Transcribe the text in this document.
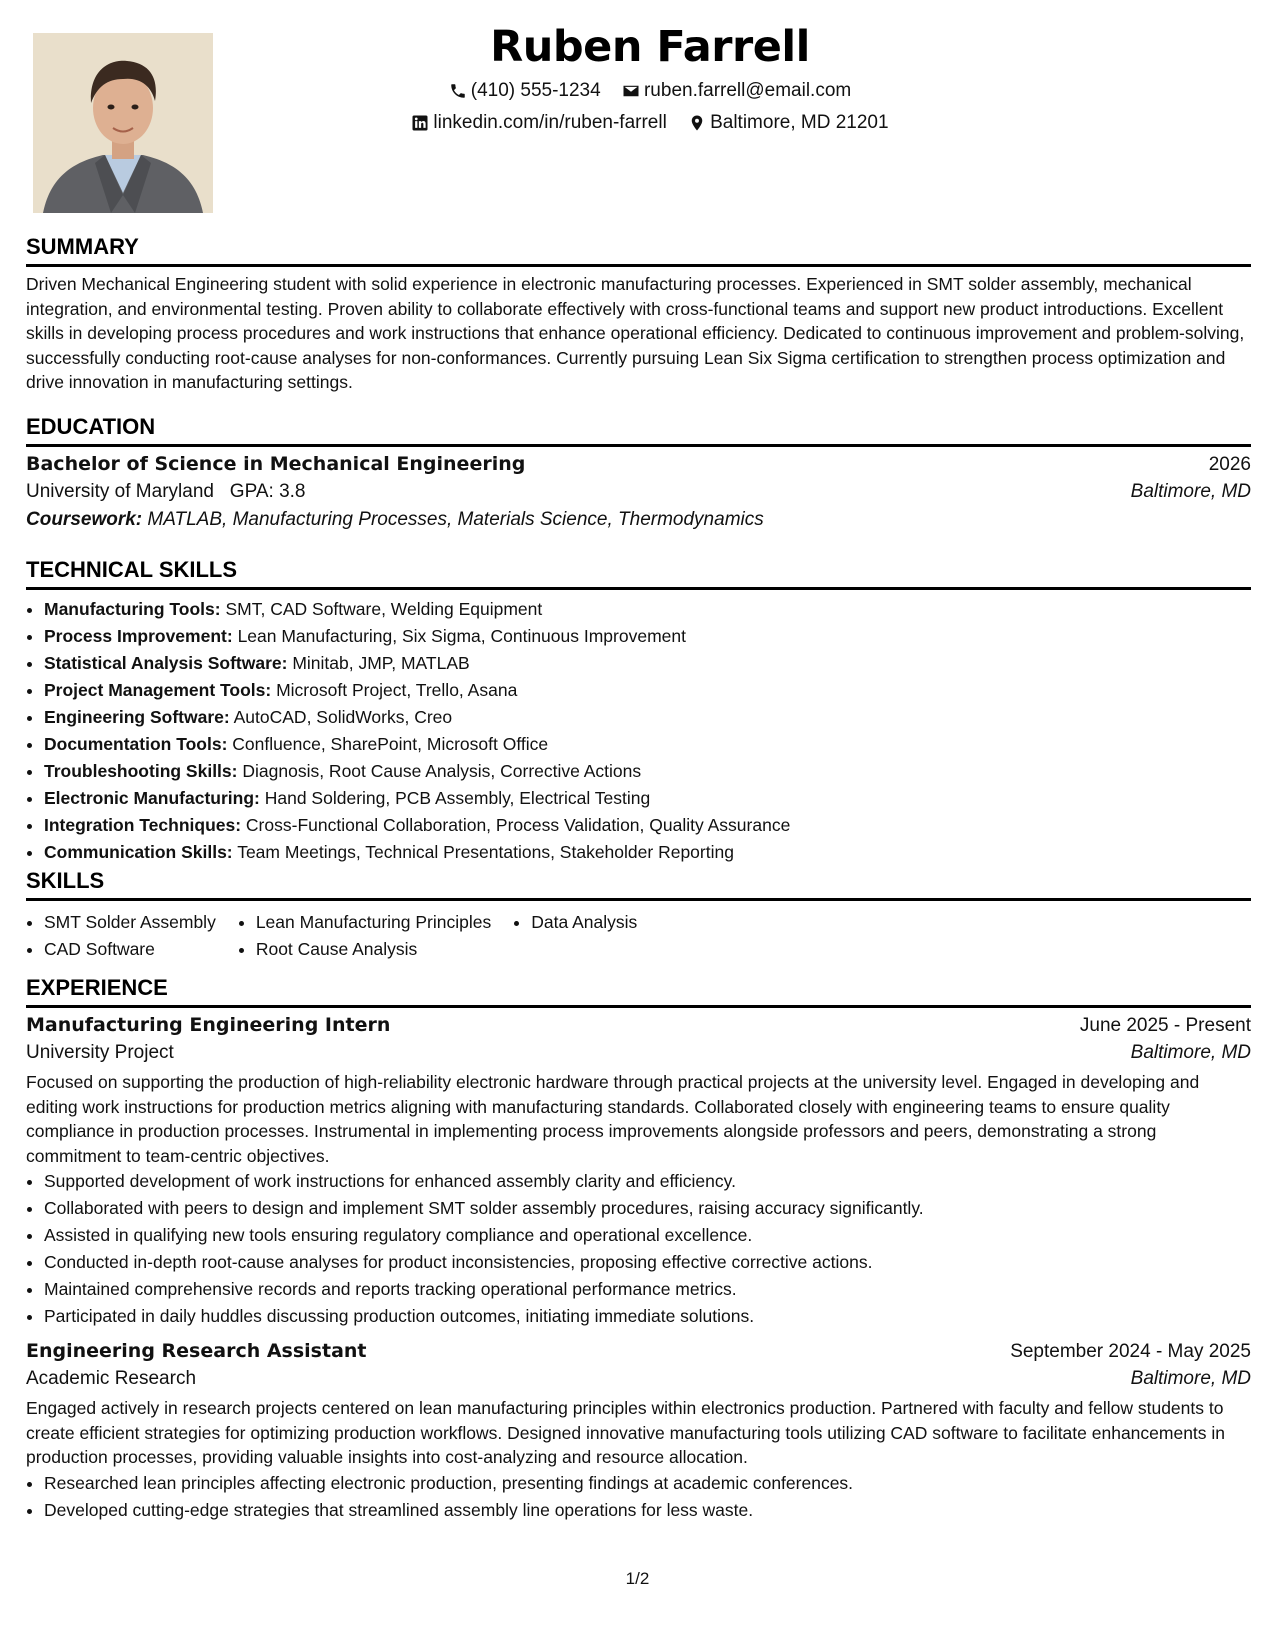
Ruben Farrell
(410) 555-1234
ruben.farrell@email.com
linkedin.com/in/ruben-farrell
Baltimore, MD 21201
SUMMARY

Driven Mechanical Engineering student with solid experience in electronic manufacturing processes. Experienced in SMT solder assembly, mechanical integration, and environmental testing. Proven ability to collaborate effectively with cross-functional teams and support new product introductions. Excellent skills in developing process procedures and work instructions that enhance operational efficiency. Dedicated to continuous improvement and problem-solving, successfully conducting root-cause analyses for non-conformances. Currently pursuing Lean Six Sigma certification to strengthen process optimization and drive innovation in manufacturing settings.

EDUCATION
Bachelor of Science in Mechanical Engineering	2026
University of Maryland GPA: 3.8	Baltimore, MD
Coursework: MATLAB, Manufacturing Processes, Materials Science, Thermodynamics
TECHNICAL SKILLS
• Manufacturing Tools: SMT, CAD Software, Welding Equipment
• Process Improvement: Lean Manufacturing, Six Sigma, Continuous Improvement
• Statistical Analysis Software: Minitab, JMP, MATLAB
• Project Management Tools: Microsoft Project, Trello, Asana
• Engineering Software: AutoCAD, SolidWorks, Creo
• Documentation Tools: Confluence, SharePoint, Microsoft Office
• Troubleshooting Skills: Diagnosis, Root Cause Analysis, Corrective Actions
• Electronic Manufacturing: Hand Soldering, PCB Assembly, Electrical Testing
• Integration Techniques: Cross-Functional Collaboration, Process Validation, Quality Assurance
• Communication Skills: Team Meetings, Technical Presentations, Stakeholder Reporting
SKILLS
• SMT Solder Assembly
• CAD Software
• Lean Manufacturing Principles
• Root Cause Analysis
• Data Analysis
EXPERIENCE
Manufacturing Engineering Intern	June 2025 - Present
University Project	Baltimore, MD

Focused on supporting the production of high-reliability electronic hardware through practical projects at the university level. Engaged in developing and editing work instructions for production metrics aligning with manufacturing standards. Collaborated closely with engineering teams to ensure quality compliance in production processes. Instrumental in implementing process improvements alongside professors and peers, demonstrating a strong commitment to team-centric objectives.

• Supported development of work instructions for enhanced assembly clarity and efficiency.
• Collaborated with peers to design and implement SMT solder assembly procedures, raising accuracy significantly.
• Assisted in qualifying new tools ensuring regulatory compliance and operational excellence.
• Conducted in-depth root-cause analyses for product inconsistencies, proposing effective corrective actions.
• Maintained comprehensive records and reports tracking operational performance metrics.
• Participated in daily huddles discussing production outcomes, initiating immediate solutions.
Engineering Research Assistant	September 2024 - May 2025
Academic Research	Baltimore, MD

Engaged actively in research projects centered on lean manufacturing principles within electronics production. Partnered with faculty and fellow students to create efficient strategies for optimizing production workflows. Designed innovative manufacturing tools utilizing CAD software to facilitate enhancements in production processes, providing valuable insights into cost-analyzing and resource allocation.

• Researched lean principles affecting electronic production, presenting findings at academic conferences.
• Developed cutting-edge strategies that streamlined assembly line operations for less waste.
1/2
